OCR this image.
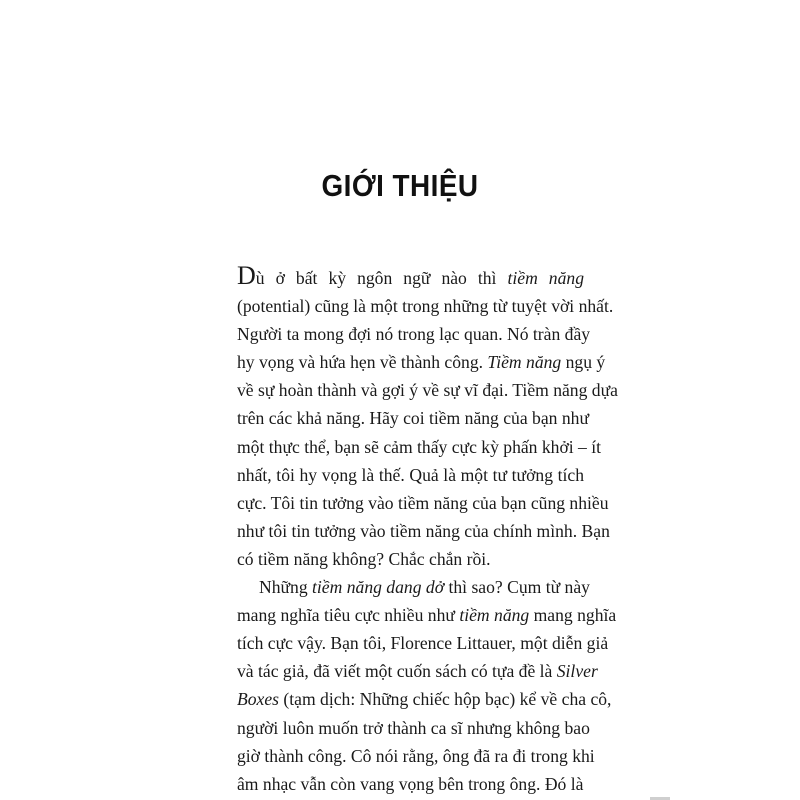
GIỚI THIỆU

Dù ở bất kỳ ngôn ngữ nào thì tiềm năng
(potential) cũng là một trong những từ tuyệt vời nhất.
Người ta mong đợi nó trong lạc quan. Nó tràn đầy
hy vọng và hứa hẹn về thành công. Tiềm năng ngụ ý
về sự hoàn thành và gợi ý về sự vĩ đại. Tiềm năng dựa
trên các khả năng. Hãy coi tiềm năng của bạn như
một thực thể, bạn sẽ cảm thấy cực kỳ phấn khởi – ít
nhất, tôi hy vọng là thế. Quả là một tư tưởng tích
cực. Tôi tin tưởng vào tiềm năng của bạn cũng nhiều
như tôi tin tưởng vào tiềm năng của chính mình. Bạn
có tiềm năng không? Chắc chắn rồi.

Những tiềm năng dang dở thì sao? Cụm từ này
mang nghĩa tiêu cực nhiều như tiềm năng mang nghĩa
tích cực vậy. Bạn tôi, Florence Littauer, một diễn giả
và tác giả, đã viết một cuốn sách có tựa đề là Silver
Boxes (tạm dịch: Những chiếc hộp bạc) kể về cha cô,
người luôn muốn trở thành ca sĩ nhưng không bao
giờ thành công. Cô nói rằng, ông đã ra đi trong khi
âm nhạc vẫn còn vang vọng bên trong ông. Đó là
